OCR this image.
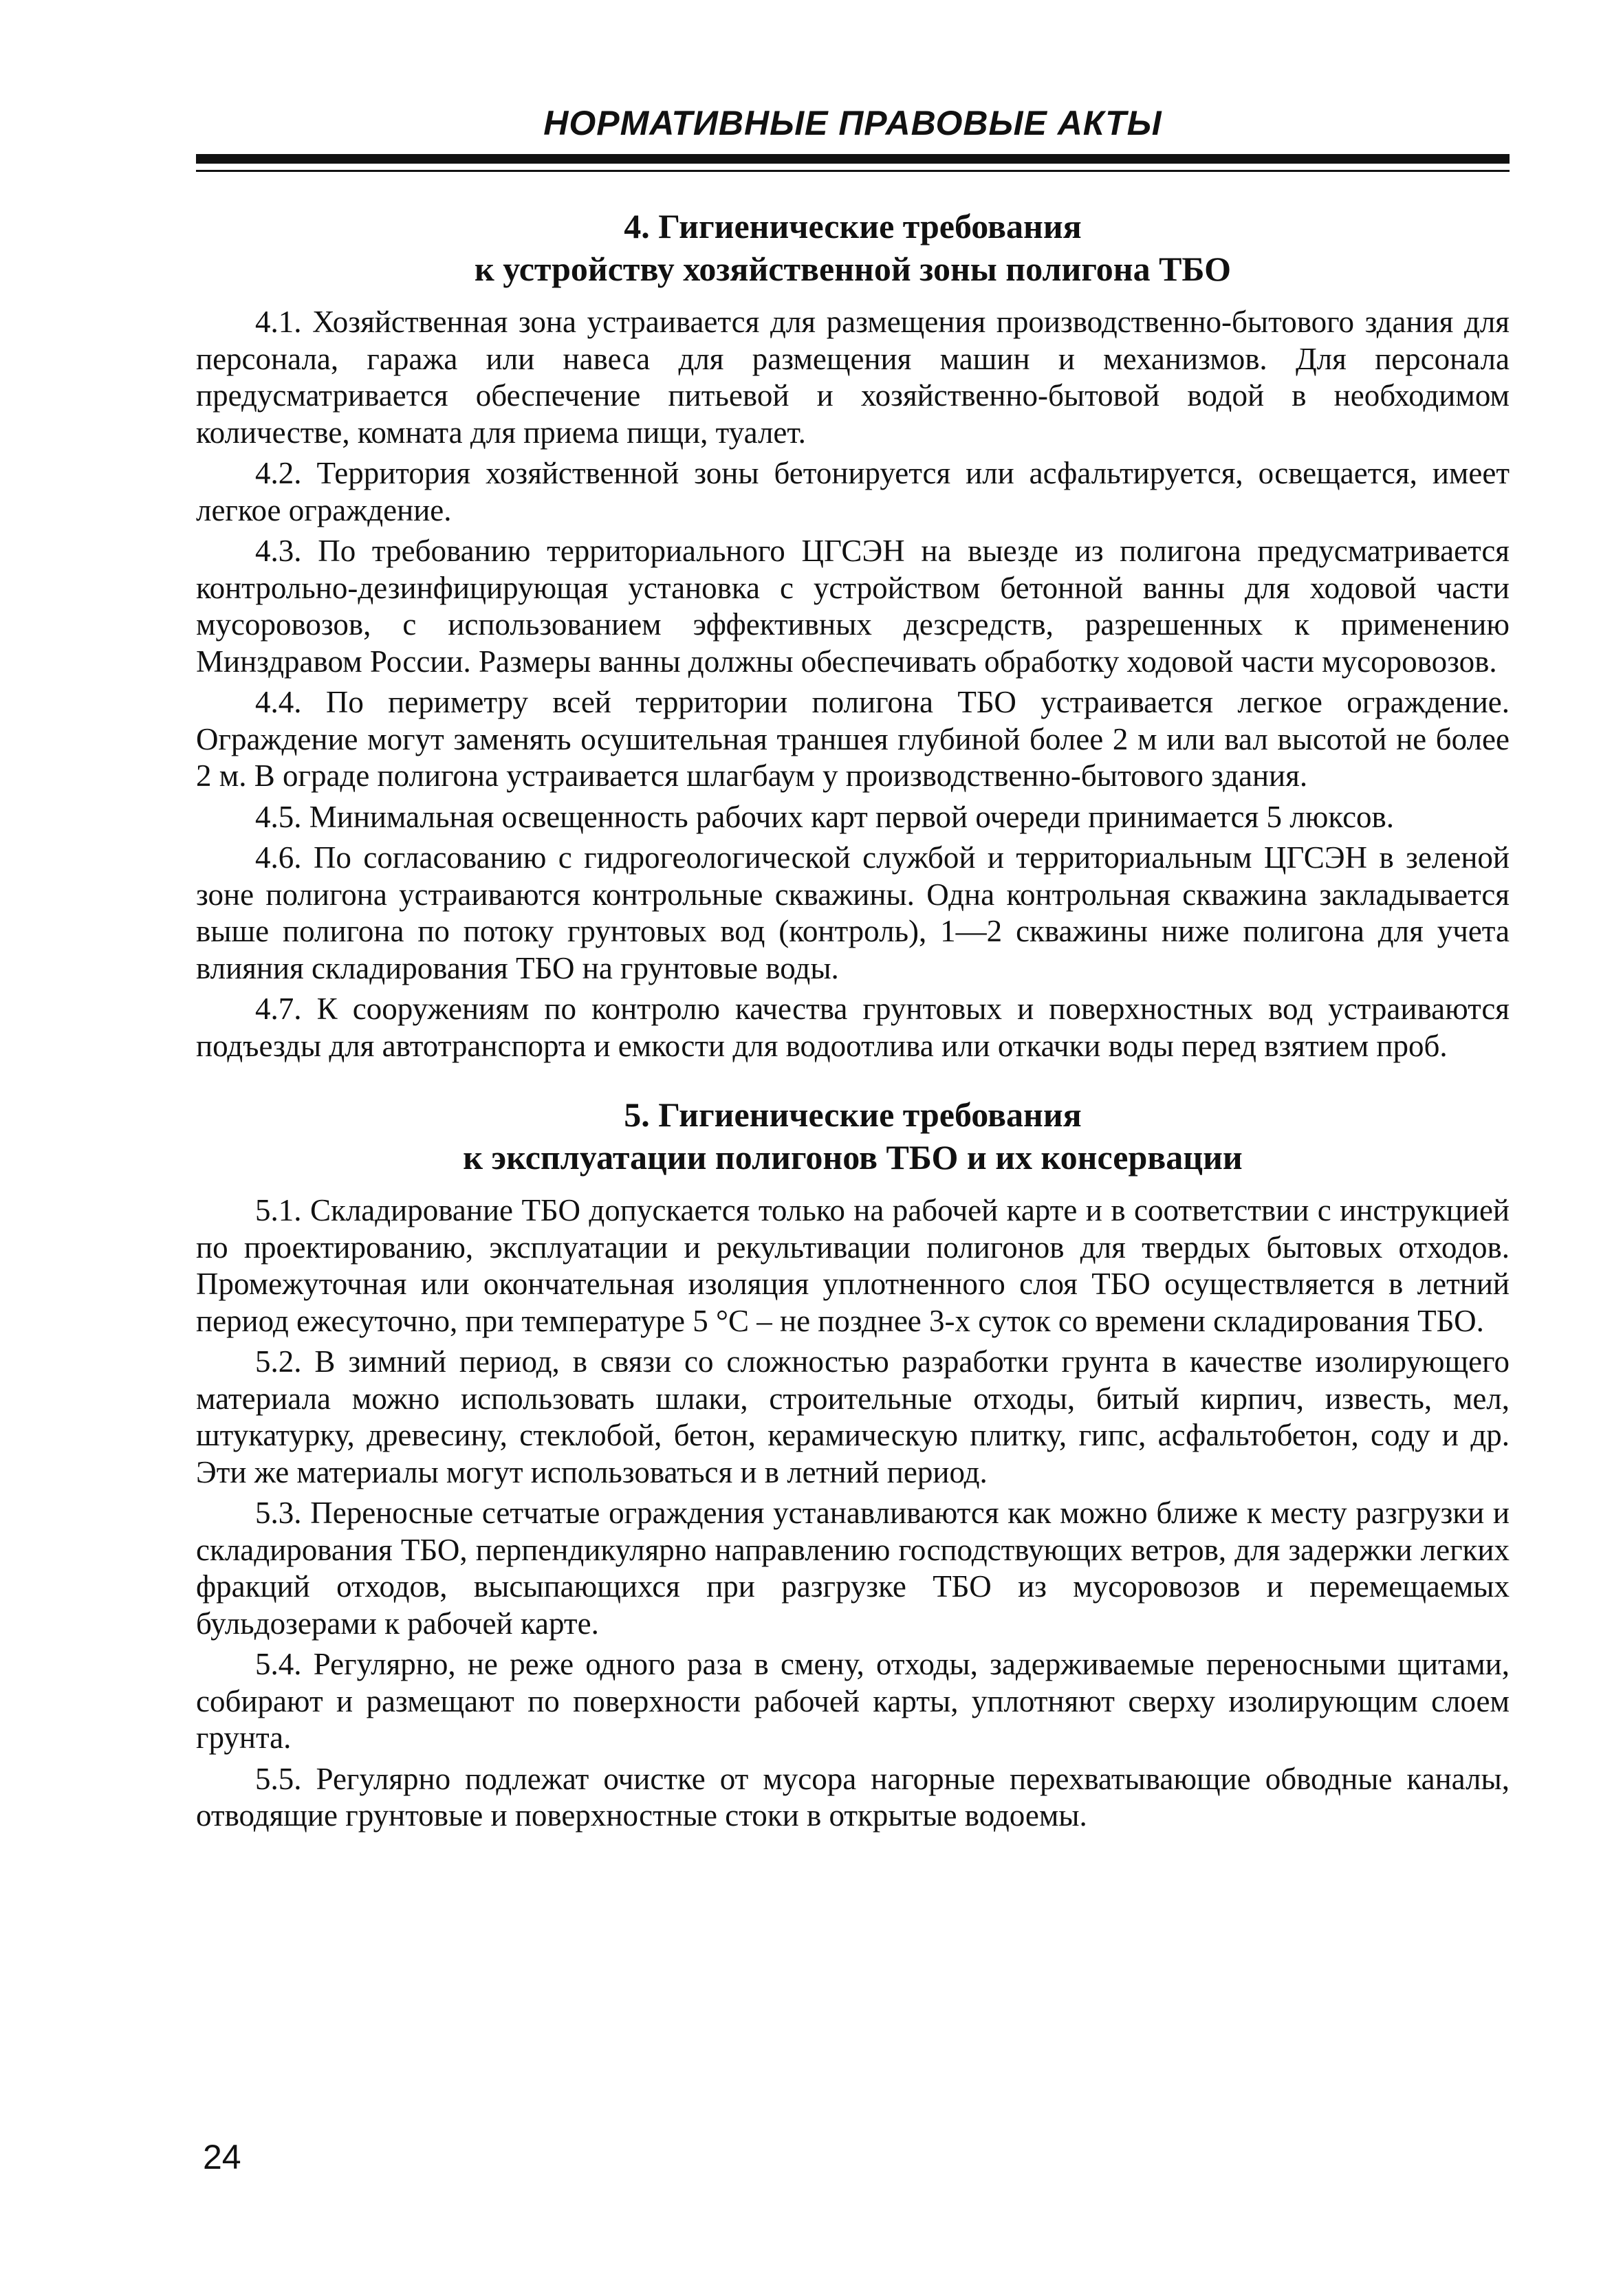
НОРМАТИВНЫЕ ПРАВОВЫЕ АКТЫ
4. Гигиенические требования
к устройству хозяйственной зоны полигона ТБО

4.1. Хозяйственная зона устраивается для размещения производственно-бытового здания для персонала, гаража или навеса для размещения машин и механизмов. Для персонала предусматривается обеспечение питьевой и хозяйственно-бытовой водой в необходимом количестве, комната для приема пищи, туалет.

4.2. Территория хозяйственной зоны бетонируется или асфальтируется, освещается, имеет легкое ограждение.

4.3. По требованию территориального ЦГСЭН на выезде из полигона предусматривается контрольно-дезинфицирующая установка с устройством бетонной ванны для ходовой части мусоровозов, с использованием эффективных дезсредств, разрешенных к применению Минздравом России. Размеры ванны должны обеспечивать обработку ходовой части мусоровозов.

4.4. По периметру всей территории полигона ТБО устраивается легкое ограждение. Ограждение могут заменять осушительная траншея глубиной более 2 м или вал высотой не более 2 м. В ограде полигона устраивается шлагбаум у производственно-бытового здания.

4.5. Минимальная освещенность рабочих карт первой очереди принимается 5 люксов.

4.6. По согласованию с гидрогеологической службой и территориальным ЦГСЭН в зеленой зоне полигона устраиваются контрольные скважины. Одна контрольная скважина закладывается выше полигона по потоку грунтовых вод (контроль), 1—2 скважины ниже полигона для учета влияния складирования ТБО на грунтовые воды.

4.7. К сооружениям по контролю качества грунтовых и поверхностных вод устраиваются подъезды для автотранспорта и емкости для водоотлива или откачки воды перед взятием проб.

5. Гигиенические требования
к эксплуатации полигонов ТБО и их консервации

5.1. Складирование ТБО допускается только на рабочей карте и в соответствии с инструкцией по проектированию, эксплуатации и рекультивации полигонов для твердых бытовых отходов. Промежуточная или окончательная изоляция уплотненного слоя ТБО осуществляется в летний период ежесуточно, при температуре 5 °С – не позднее 3-х суток со времени складирования ТБО.

5.2. В зимний период, в связи со сложностью разработки грунта в качестве изолирующего материала можно использовать шлаки, строительные отходы, битый кирпич, известь, мел, штукатурку, древесину, стеклобой, бетон, керамическую плитку, гипс, асфальтобетон, соду и др. Эти же материалы могут использоваться и в летний период.

5.3. Переносные сетчатые ограждения устанавливаются как можно ближе к месту разгрузки и складирования ТБО, перпендикулярно направлению господствующих ветров, для задержки легких фракций отходов, высыпающихся при разгрузке ТБО из мусоровозов и перемещаемых бульдозерами к рабочей карте.

5.4. Регулярно, не реже одного раза в смену, отходы, задерживаемые переносными щитами, собирают и размещают по поверхности рабочей карты, уплотняют сверху изолирующим слоем грунта.

5.5. Регулярно подлежат очистке от мусора нагорные перехватывающие обводные каналы, отводящие грунтовые и поверхностные стоки в открытые водоемы.

24
